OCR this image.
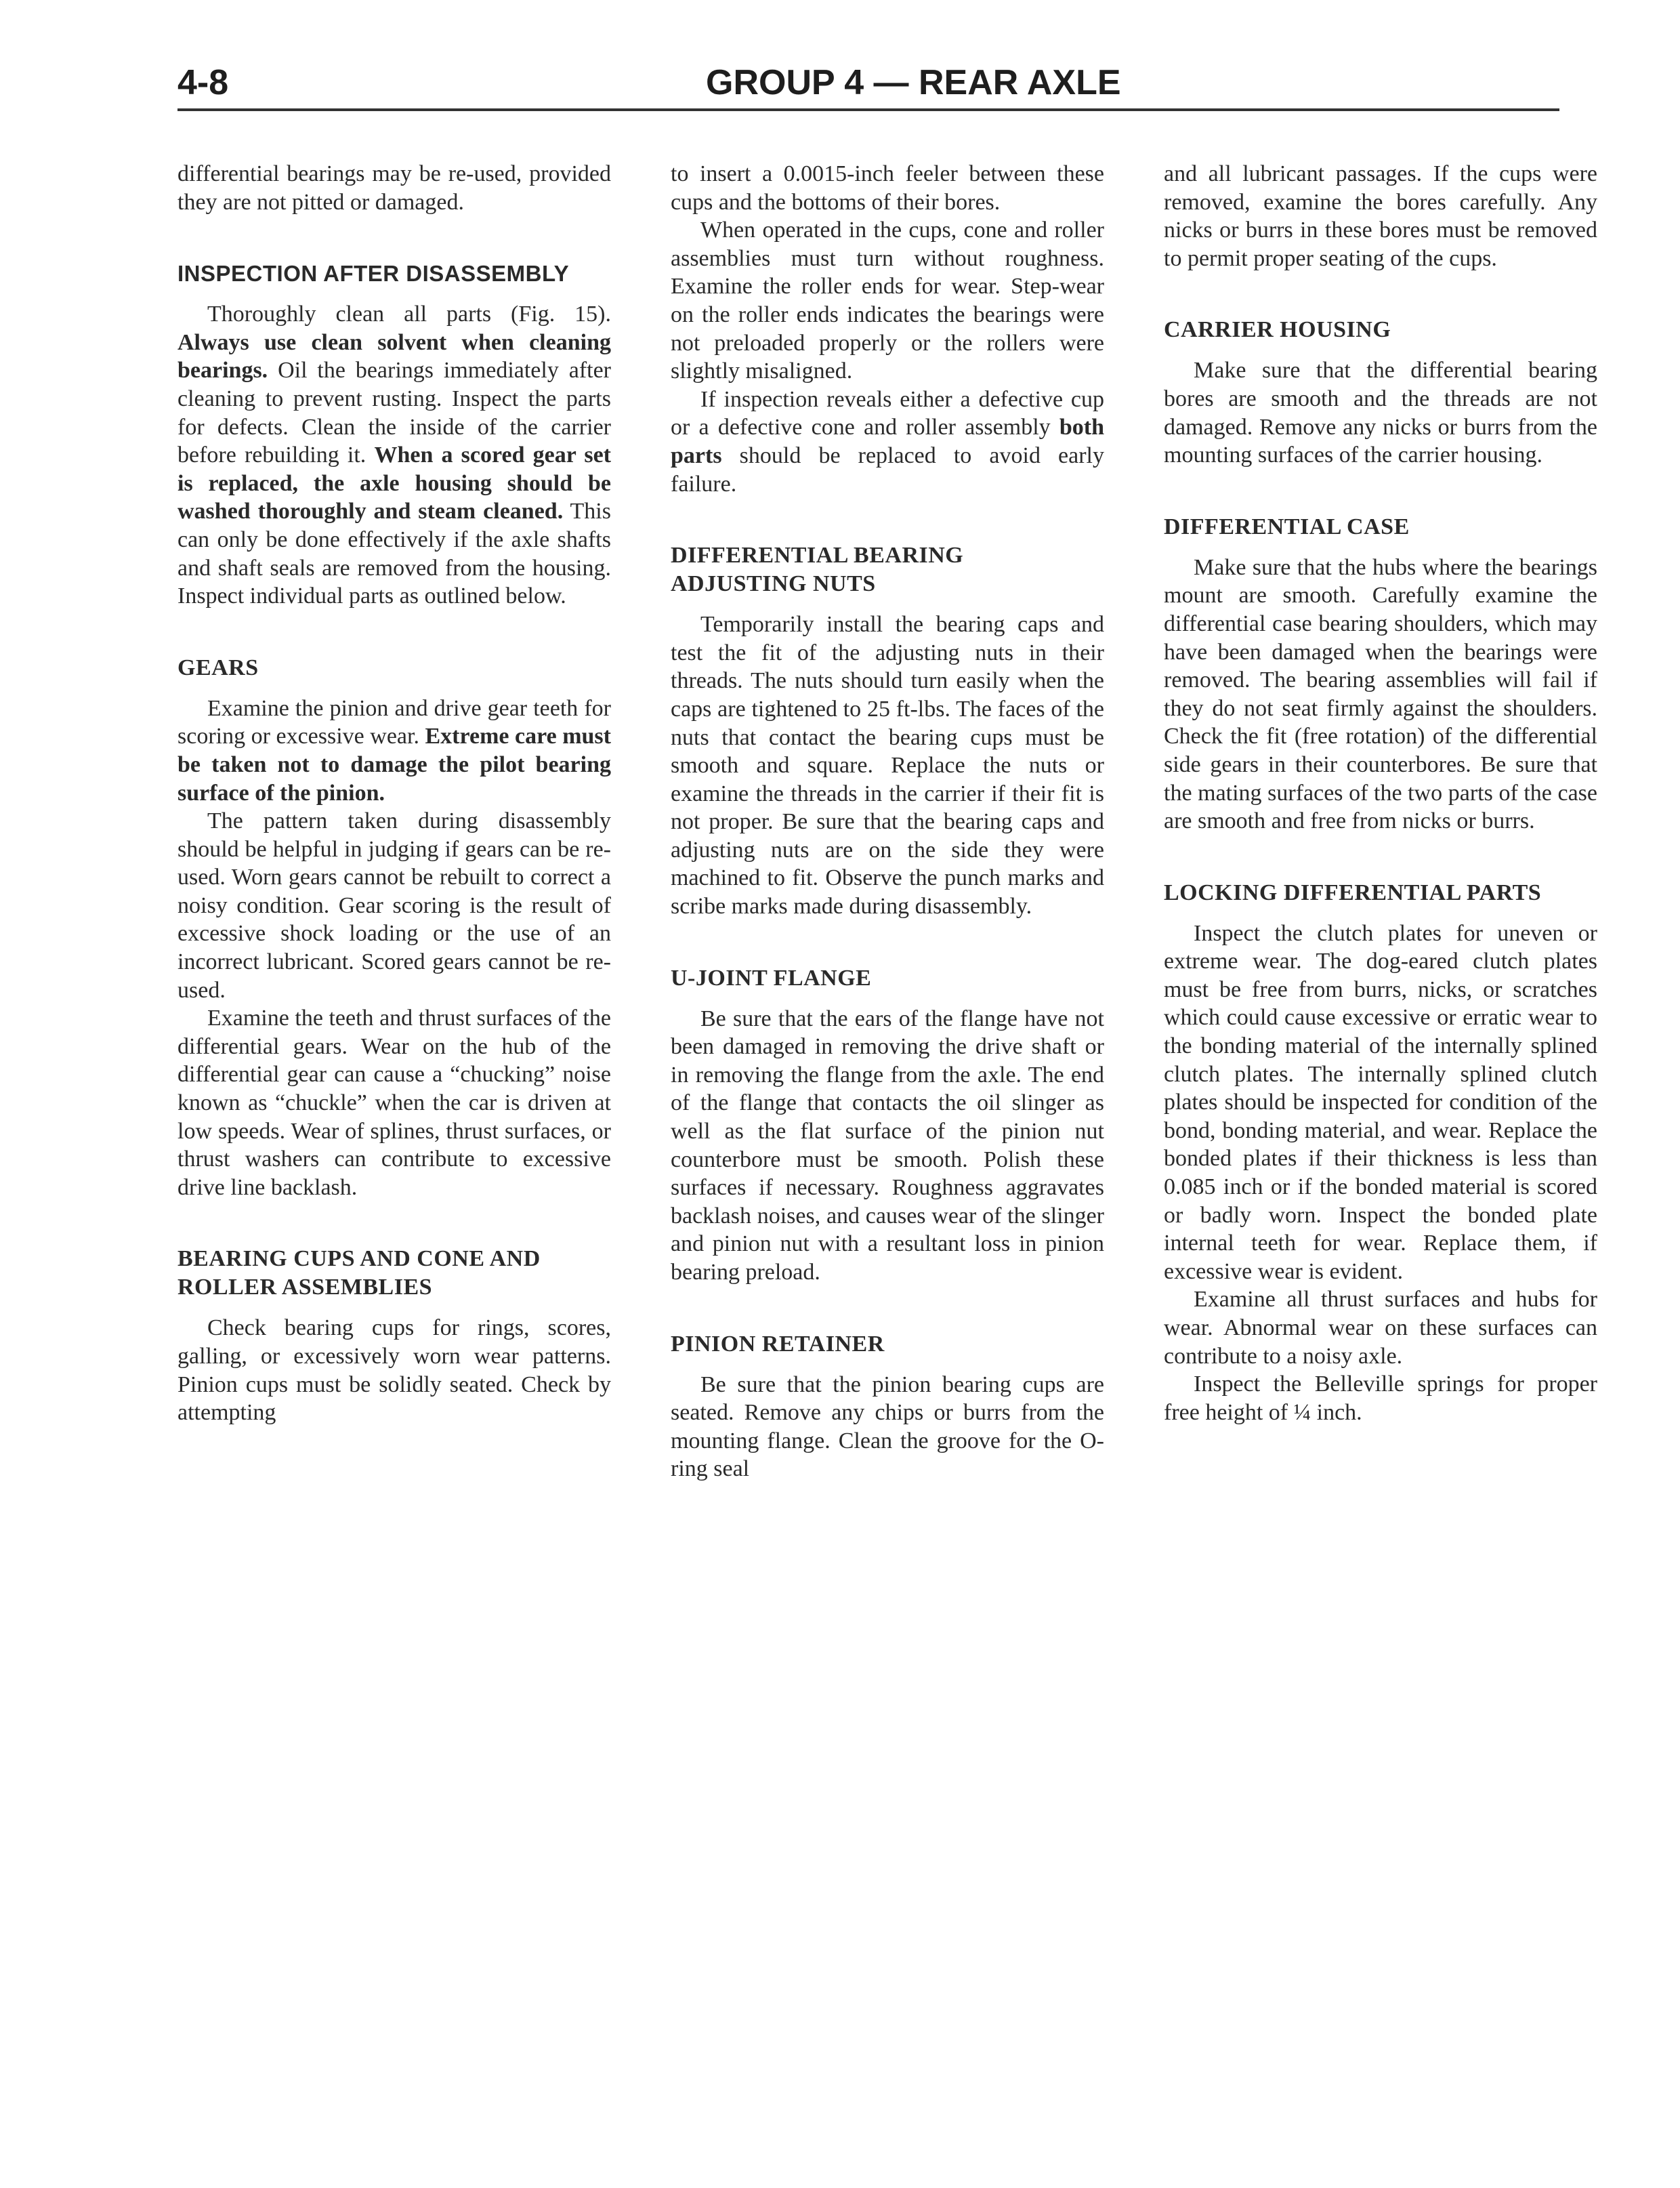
4-8	GROUP 4 — REAR AXLE

differential bearings may be re-used, provided they are not pitted or damaged.

INSPECTION AFTER DISASSEMBLY

Thoroughly clean all parts (Fig. 15). Always use clean solvent when cleaning bearings. Oil the bearings immediately after cleaning to prevent rusting. Inspect the parts for defects. Clean the inside of the carrier before rebuilding it. When a scored gear set is replaced, the axle housing should be washed thoroughly and steam cleaned. This can only be done effectively if the axle shafts and shaft seals are removed from the housing. Inspect individual parts as outlined below.

GEARS

Examine the pinion and drive gear teeth for scoring or excessive wear. Extreme care must be taken not to damage the pilot bearing surface of the pinion.

The pattern taken during disassembly should be helpful in judging if gears can be re-used. Worn gears cannot be rebuilt to correct a noisy condition. Gear scoring is the result of excessive shock loading or the use of an incorrect lubricant. Scored gears cannot be re-used.

Examine the teeth and thrust surfaces of the differential gears. Wear on the hub of the differential gear can cause a “chucking” noise known as “chuckle” when the car is driven at low speeds. Wear of splines, thrust surfaces, or thrust washers can contribute to excessive drive line backlash.

BEARING CUPS AND CONE AND ROLLER ASSEMBLIES

Check bearing cups for rings, scores, galling, or excessively worn wear patterns. Pinion cups must be solidly seated. Check by attempting

to insert a 0.0015-inch feeler between these cups and the bottoms of their bores.

When operated in the cups, cone and roller assemblies must turn without roughness. Examine the roller ends for wear. Step-wear on the roller ends indicates the bearings were not preloaded properly or the rollers were slightly misaligned.

If inspection reveals either a defective cup or a defective cone and roller assembly both parts should be replaced to avoid early failure.

DIFFERENTIAL BEARING ADJUSTING NUTS

Temporarily install the bearing caps and test the fit of the adjusting nuts in their threads. The nuts should turn easily when the caps are tightened to 25 ft-lbs. The faces of the nuts that contact the bearing cups must be smooth and square. Replace the nuts or examine the threads in the carrier if their fit is not proper. Be sure that the bearing caps and adjusting nuts are on the side they were machined to fit. Observe the punch marks and scribe marks made during disassembly.

U-JOINT FLANGE

Be sure that the ears of the flange have not been damaged in removing the drive shaft or in removing the flange from the axle. The end of the flange that contacts the oil slinger as well as the flat surface of the pinion nut counterbore must be smooth. Polish these surfaces if necessary. Roughness aggravates backlash noises, and causes wear of the slinger and pinion nut with a resultant loss in pinion bearing preload.

PINION RETAINER

Be sure that the pinion bearing cups are seated. Remove any chips or burrs from the mounting flange. Clean the groove for the O-ring seal

and all lubricant passages. If the cups were removed, examine the bores carefully. Any nicks or burrs in these bores must be removed to permit proper seating of the cups.

CARRIER HOUSING

Make sure that the differential bearing bores are smooth and the threads are not damaged. Remove any nicks or burrs from the mounting surfaces of the carrier housing.

DIFFERENTIAL CASE

Make sure that the hubs where the bearings mount are smooth. Carefully examine the differential case bearing shoulders, which may have been damaged when the bearings were removed. The bearing assemblies will fail if they do not seat firmly against the shoulders. Check the fit (free rotation) of the differential side gears in their counterbores. Be sure that the mating surfaces of the two parts of the case are smooth and free from nicks or burrs.

LOCKING DIFFERENTIAL PARTS

Inspect the clutch plates for uneven or extreme wear. The dog-eared clutch plates must be free from burrs, nicks, or scratches which could cause excessive or erratic wear to the bonding material of the internally splined clutch plates. The internally splined clutch plates should be inspected for condition of the bond, bonding material, and wear. Replace the bonded plates if their thickness is less than 0.085 inch or if the bonded material is scored or badly worn. Inspect the bonded plate internal teeth for wear. Replace them, if excessive wear is evident.

Examine all thrust surfaces and hubs for wear. Abnormal wear on these surfaces can contribute to a noisy axle.

Inspect the Belleville springs for proper free height of ¼ inch.
